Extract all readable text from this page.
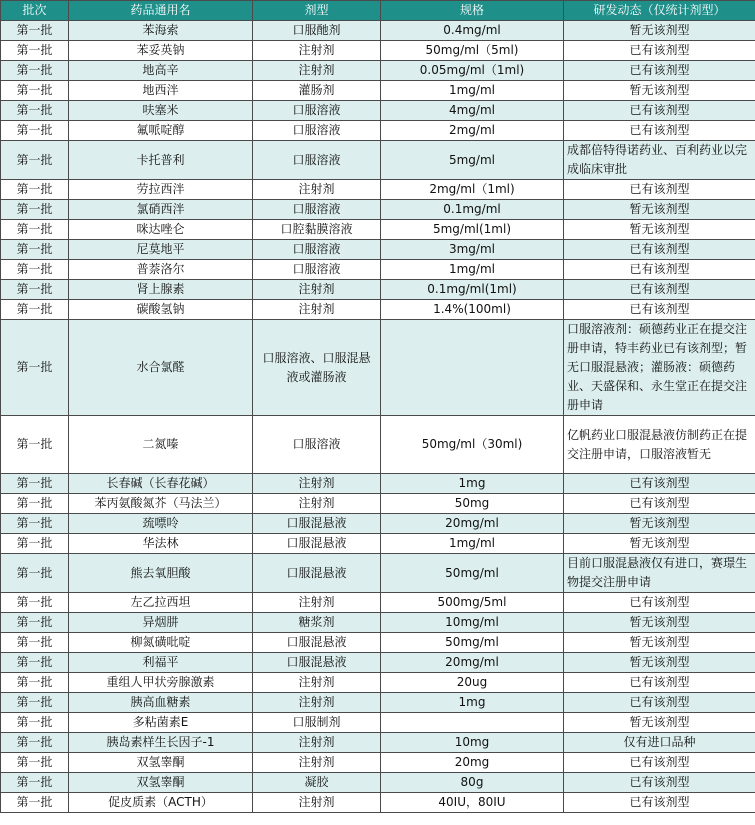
批次	药品通用名	剂型	规格	研发动态（仅统计剂型）
第一批	苯海索	口服酏剂	0.4mg/ml	暂无该剂型
第一批	苯妥英钠	注射剂	50mg/ml（5ml)	已有该剂型
第一批	地高辛	注射剂	0.05mg/ml（1ml)	已有该剂型
第一批	地西泮	灌肠剂	1mg/ml	暂无该剂型
第一批	呋塞米	口服溶液	4mg/ml	已有该剂型
第一批	氟哌啶醇	口服溶液	2mg/ml	已有该剂型
第一批	卡托普利	口服溶液	5mg/ml	成都倍特得诺药业、百利药业以完成临床审批
第一批	劳拉西泮	注射剂	2mg/ml（1ml)	已有该剂型
第一批	氯硝西泮	口服溶液	0.1mg/ml	暂无该剂型
第一批	咪达唑仑	口腔黏膜溶液	5mg/ml(1ml)	暂无该剂型
第一批	尼莫地平	口服溶液	3mg/ml	已有该剂型
第一批	普萘洛尔	口服溶液	1mg/ml	已有该剂型
第一批	肾上腺素	注射剂	0.1mg/ml(1ml)	已有该剂型
第一批	碳酸氢钠	注射剂	1.4%(100ml)	已有该剂型
第一批	水合氯醛	口服溶液、口服混悬液或灌肠液		口服溶液剂：硕德药业正在提交注册申请，特丰药业已有该剂型；暂无口服混悬液；灌肠液：硕德药业、天盛保和、永生堂正在提交注册申请
第一批	二氮嗪	口服溶液	50mg/ml（30ml)	亿帆药业口服混悬液仿制药正在提交注册申请，口服溶液暂无
第一批	长春碱（长春花碱）	注射剂	1mg	已有该剂型
第一批	苯丙氨酸氮芥（马法兰）	注射剂	50mg	已有该剂型
第一批	巯嘌呤	口服混悬液	20mg/ml	暂无该剂型
第一批	华法林	口服混悬液	1mg/ml	暂无该剂型
第一批	熊去氧胆酸	口服混悬液	50mg/ml	目前口服混悬液仅有进口，赛璟生物提交注册申请
第一批	左乙拉西坦	注射剂	500mg/5ml	已有该剂型
第一批	异烟肼	糖浆剂	10mg/ml	暂无该剂型
第一批	柳氮磺吡啶	口服混悬液	50mg/ml	暂无该剂型
第一批	利福平	口服混悬液	20mg/ml	暂无该剂型
第一批	重组人甲状旁腺激素	注射剂	20ug	已有该剂型
第一批	胰高血糖素	注射剂	1mg	已有该剂型
第一批	多粘菌素E	口服制剂		暂无该剂型
第一批	胰岛素样生长因子-1	注射剂	10mg	仅有进口品种
第一批	双氢睾酮	注射剂	20mg	已有该剂型
第一批	双氢睾酮	凝胶	80g	已有该剂型
第一批	促皮质素（ACTH）	注射剂	40IU，80IU	已有该剂型
